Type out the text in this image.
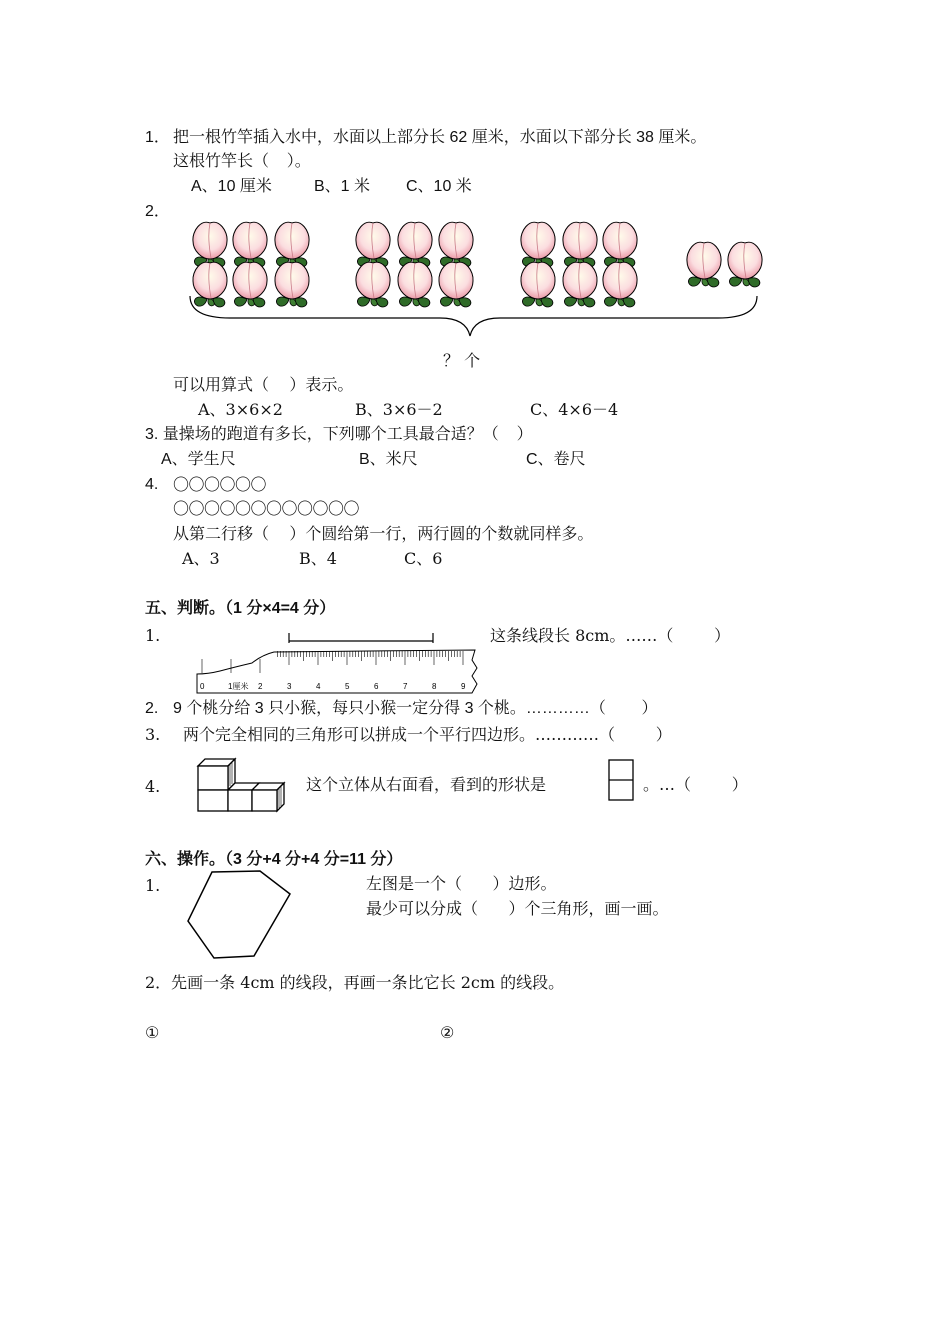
1． 把一根竹竿插入水中，水面以上部分长 62 厘米，水面以下部分长 38 厘米。
这根竹竿长（    ）。
A、10 厘米	B、1 米 C、10 米
2．
？ 个
可以用算式（    ）表示。
A、3×6×2	B、3×6－2	C、4×6－4
3. 量操场的跑道有多长，下列哪个工具最合适？（    ）
A、学生尺	B、米尺	C、卷尺
4. 〇〇〇〇〇〇
〇〇〇〇〇〇〇〇〇〇〇〇
从第二行移（    ）个圆给第一行，两行圆的个数就同样多。
A、3	B、4	C、6
五、判断。（1 分×4=4 分）
1.
0	1厘米 2	3	4	5	6	7	8	9
这条线段长 8cm。……（        ）
2. 9 个桃分给 3 只小猴，每只小猴一定分得 3 个桃。…………（        ）
3. 两个完全相同的三角形可以拼成一个平行四边形。…………（        ）
4.	这个立体从右面看，看到的形状是	。…（        ）
六、操作。（3 分+4 分+4 分=11 分）
1.	左图是一个（      ）边形。
最少可以分成（      ）个三角形，画一画。
2．先画一条 4cm 的线段，再画一条比它长 2cm 的线段。
①	②
